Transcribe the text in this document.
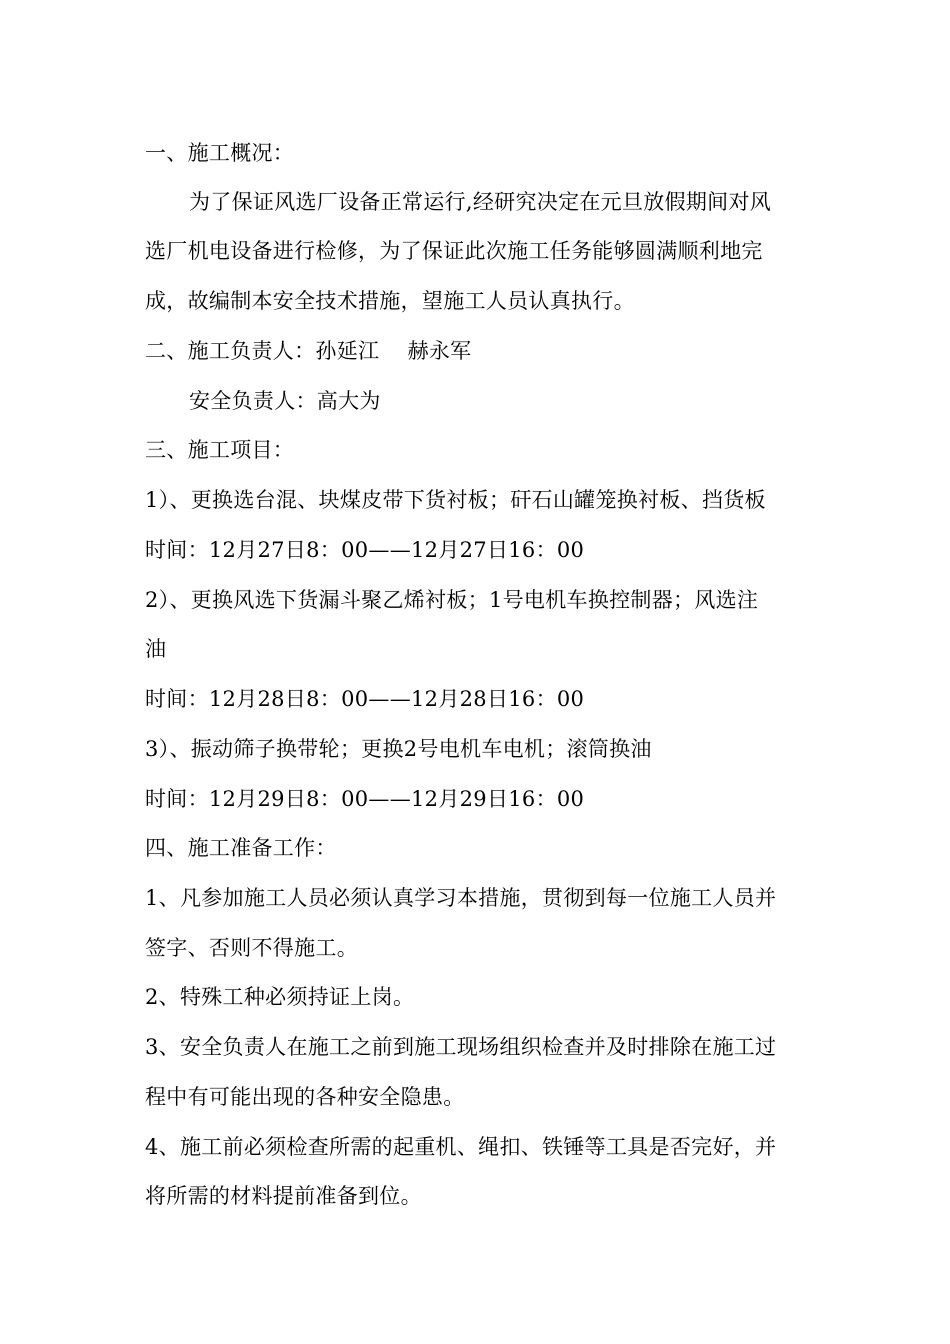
一、施工概况：
为了保证风选厂设备正常运行,经研究决定在元旦放假期间对风
选厂机电设备进行检修，为了保证此次施工任务能够圆满顺利地完
成，故编制本安全技术措施，望施工人员认真执行。
二、施工负责人：孙延江　 赫永军
安全负责人：高大为
三、施工项目：
1）、更换选台混、块煤皮带下货衬板；矸石山罐笼换衬板、挡货板
时间：12月27日8：00——12月27日16：00
2）、更换风选下货漏斗聚乙烯衬板；1号电机车换控制器；风选注
油
时间：12月28日8：00——12月28日16：00
3）、振动筛子换带轮；更换2号电机车电机；滚筒换油
时间：12月29日8：00——12月29日16：00
四、施工准备工作：
1、凡参加施工人员必须认真学习本措施，贯彻到每一位施工人员并
签字、否则不得施工。
2、特殊工种必须持证上岗。
3、安全负责人在施工之前到施工现场组织检查并及时排除在施工过
程中有可能出现的各种安全隐患。
4、施工前必须检查所需的起重机、绳扣、铁锤等工具是否完好，并
将所需的材料提前准备到位。
